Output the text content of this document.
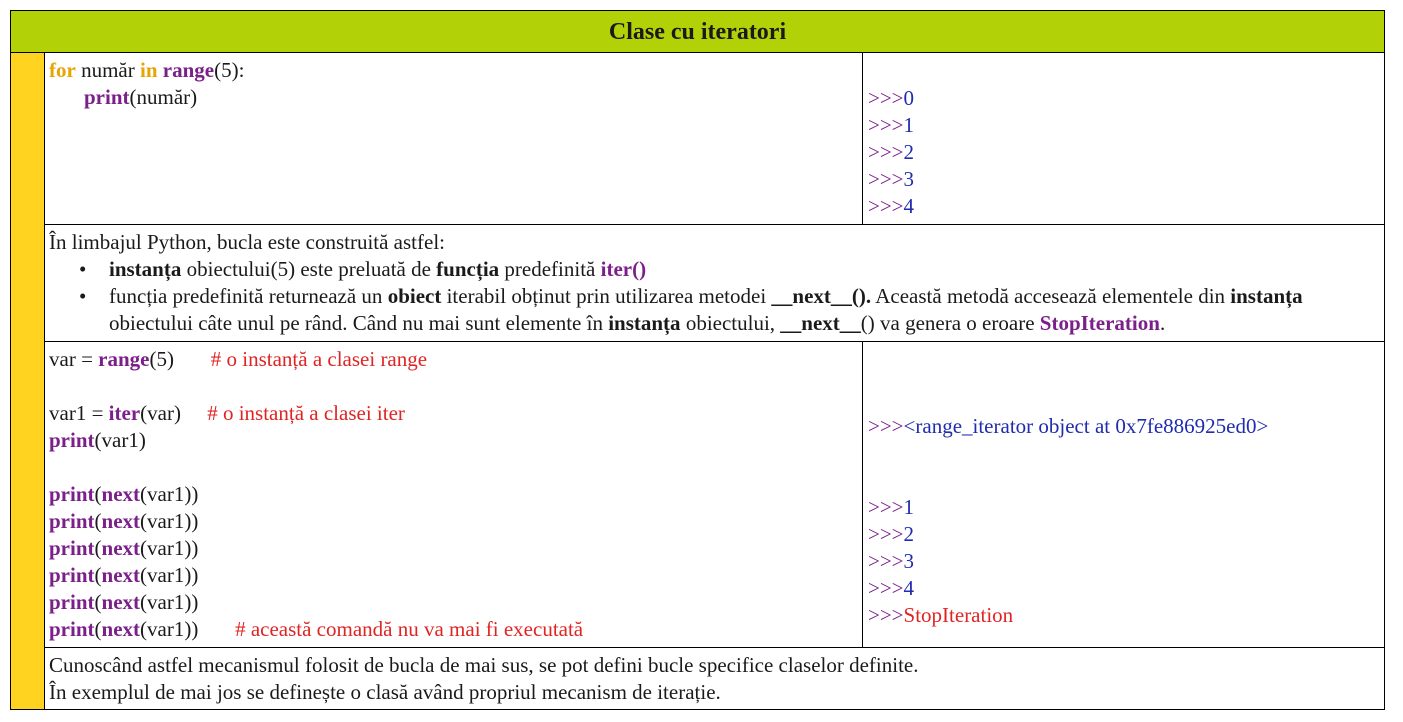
Clase cu iteratori
for număr in range(5):
print(număr)	>>>0
>>>1
>>>2
>>>3
>>>4
În limbajul Python, bucla este construită astfel:
• instanța obiectului(5) este preluată de funcția predefinită iter()
• funcția predefinită returnează un obiect iterabil obținut prin utilizarea metodei __next__(). Această metodă accesează elementele din instanța obiectului câte unul pe rând. Când nu mai sunt elemente în instanța obiectului, __next__() va genera o eroare StopIteration.
var = range(5)       # o instanță a clasei range
var1 = iter(var)     # o instanță a clasei iter
print(var1)
print(next(var1))
print(next(var1))
print(next(var1))
print(next(var1))
print(next(var1))
print(next(var1)) # această comandă nu va mai fi executată
>>><range_iterator object at 0x7fe886925ed0>
>>>1
>>>2
>>>3
>>>4
>>>StopIteration
Cunoscând astfel mecanismul folosit de bucla de mai sus, se pot defini bucle specifice claselor definite.
În exemplul de mai jos se definește o clasă având propriul mecanism de iterație.
